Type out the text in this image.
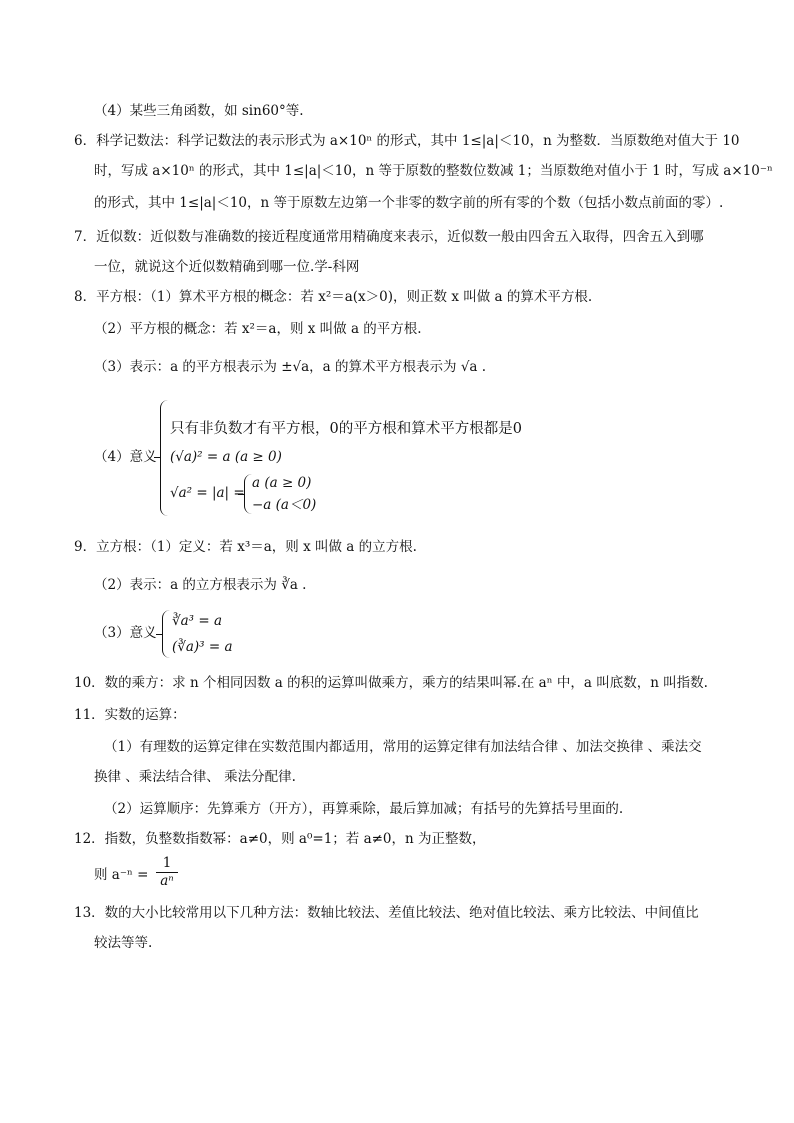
（4）某些三角函数，如 sin60°等.
6．科学记数法：科学记数法的表示形式为 a×10ⁿ 的形式，其中 1≤|a|＜10，n 为整数．当原数绝对值大于 10
时，写成 a×10ⁿ 的形式，其中 1≤|a|＜10，n 等于原数的整数位数减 1；当原数绝对值小于 1 时，写成 a×10⁻ⁿ
的形式，其中 1≤|a|＜10，n 等于原数左边第一个非零的数字前的所有零的个数（包括小数点前面的零）.
7．近似数：近似数与准确数的接近程度通常用精确度来表示，近似数一般由四舍五入取得，四舍五入到哪
一位，就说这个近似数精确到哪一位.学-科网
8．平方根：（1）算术平方根的概念：若 x²＝a(x＞0)，则正数 x 叫做 a 的算术平方根.
（2）平方根的概念：若 x²＝a，则 x 叫做 a 的平方根.
（3）表示：a 的平方根表示为 ±√a，a 的算术平方根表示为 √a .
（4）意义
只有非负数才有平方根，0的平方根和算术平方根都是0
(√a)² = a (a ≥ 0)
√a² = |a| =
a (a ≥ 0)
−a (a＜0)
9．立方根：（1）定义：若 x³＝a，则 x 叫做 a 的立方根.
（2）表示：a 的立方根表示为 ∛a .
（3）意义
∛a³ = a
(∛a)³ = a
10．数的乘方：求 n 个相同因数 a 的积的运算叫做乘方，乘方的结果叫幂.在 aⁿ 中，a 叫底数，n 叫指数.
11．实数的运算：
（1）有理数的运算定律在实数范围内都适用，常用的运算定律有加法结合律 、加法交换律 、乘法交
换律 、乘法结合律、 乘法分配律.
（2）运算顺序：先算乘方（开方），再算乘除，最后算加减；有括号的先算括号里面的.
12．指数，负整数指数幂：a≠0，则 a⁰=1；若 a≠0，n 为正整数，
则 a⁻ⁿ =
1
aⁿ
13．数的大小比较常用以下几种方法：数轴比较法、差值比较法、绝对值比较法、乘方比较法、中间值比
较法等等.
